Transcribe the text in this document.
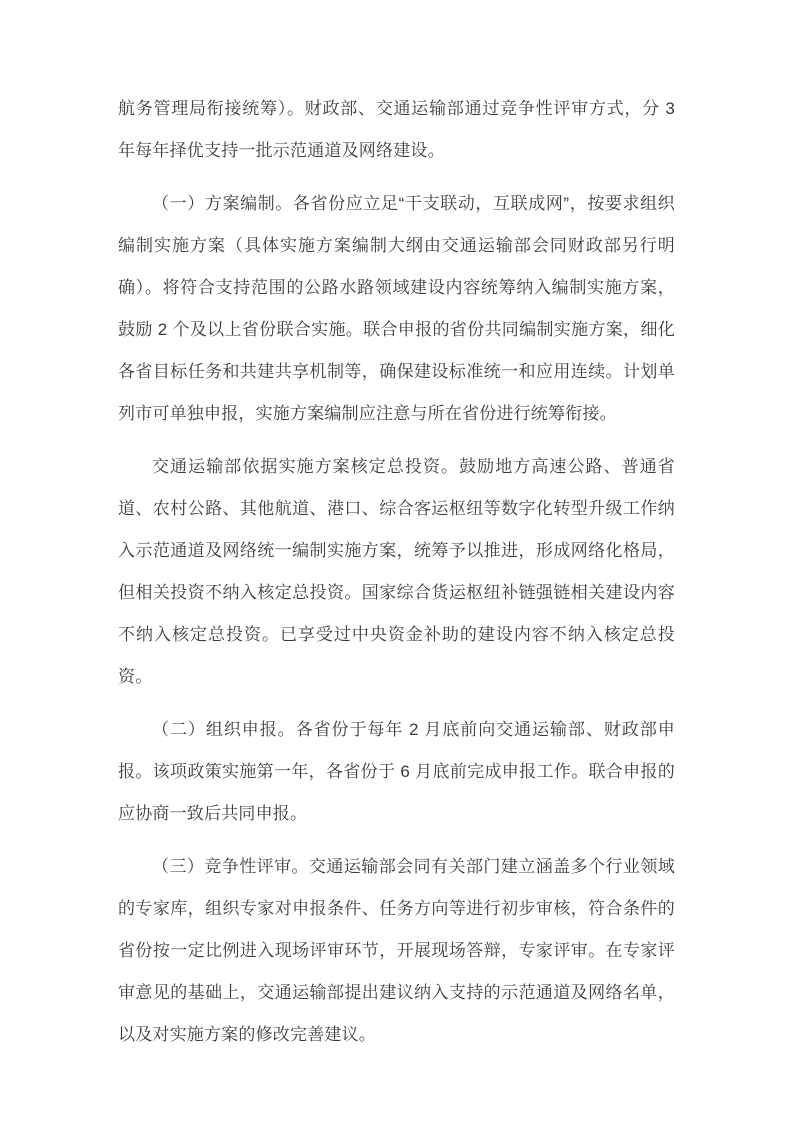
航务管理局衔接统筹）。财政部、交通运输部通过竞争性评审方式，分 3 年每年择优支持一批示范通道及网络建设。

（一）方案编制。各省份应立足“干支联动，互联成网”，按要求组织编制实施方案（具体实施方案编制大纲由交通运输部会同财政部另行明确）。将符合支持范围的公路水路领域建设内容统筹纳入编制实施方案，鼓励 2 个及以上省份联合实施。联合申报的省份共同编制实施方案，细化各省目标任务和共建共享机制等，确保建设标准统一和应用连续。计划单列市可单独申报，实施方案编制应注意与所在省份进行统筹衔接。

交通运输部依据实施方案核定总投资。鼓励地方高速公路、普通省道、农村公路、其他航道、港口、综合客运枢纽等数字化转型升级工作纳入示范通道及网络统一编制实施方案，统筹予以推进，形成网络化格局，但相关投资不纳入核定总投资。国家综合货运枢纽补链强链相关建设内容不纳入核定总投资。已享受过中央资金补助的建设内容不纳入核定总投资。

（二）组织申报。各省份于每年 2 月底前向交通运输部、财政部申报。该项政策实施第一年，各省份于 6 月底前完成申报工作。联合申报的应协商一致后共同申报。

（三）竞争性评审。交通运输部会同有关部门建立涵盖多个行业领域的专家库，组织专家对申报条件、任务方向等进行初步审核，符合条件的省份按一定比例进入现场评审环节，开展现场答辩，专家评审。在专家评审意见的基础上，交通运输部提出建议纳入支持的示范通道及网络名单，以及对实施方案的修改完善建议。
